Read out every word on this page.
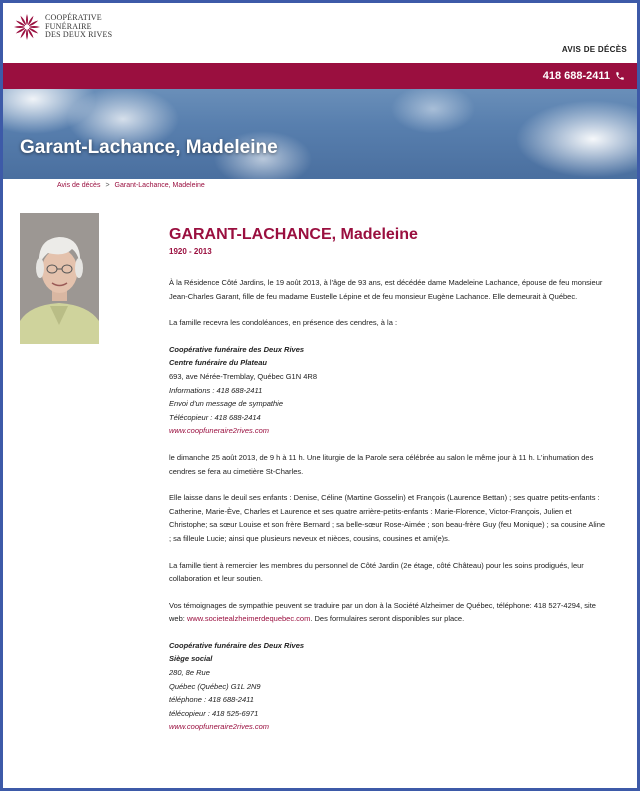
COOPÉRATIVE
FUNÉRAIRE
DES DEUX RIVES
AVIS DE DÉCÈS
418 688-2411
Garant-Lachance, Madeleine
Avis de décès > Garant-Lachance, Madeleine
GARANT-LACHANCE, Madeleine
1920 - 2013

À la Résidence Côté Jardins, le 19 août 2013, à l'âge de 93 ans, est décédée dame Madeleine Lachance, épouse de feu monsieur Jean-Charles Garant, fille de feu madame Eustelle Lépine et de feu monsieur Eugène Lachance. Elle demeurait à Québec.

La famille recevra les condoléances, en présence des cendres, à la :

Coopérative funéraire des Deux Rives
Centre funéraire du Plateau
693, ave Nérée-Tremblay, Québec G1N 4R8
Informations : 418 688-2411
Envoi d'un message de sympathie
Télécopieur : 418 688-2414
www.coopfuneraire2rives.com

le dimanche 25 août 2013, de 9 h à 11 h. Une liturgie de la Parole sera célébrée au salon le même jour à 11 h. L'inhumation des cendres se fera au cimetière St-Charles.

Elle laisse dans le deuil ses enfants : Denise, Céline (Martine Gosselin) et François (Laurence Bettan) ; ses quatre petits-enfants : Catherine, Marie-Ève, Charles et Laurence et ses quatre arrière-petits-enfants : Marie-Florence, Victor-François, Julien et Christophe; sa sœur Louise et son frère Bernard ; sa belle-sœur Rose-Aimée ; son beau-frère Guy (feu Monique) ; sa cousine Aline ; sa filleule Lucie; ainsi que plusieurs neveux et nièces, cousins, cousines et ami(e)s.

La famille tient à remercier les membres du personnel de Côté Jardin (2e étage, côté Château) pour les soins prodigués, leur collaboration et leur soutien.

Vos témoignages de sympathie peuvent se traduire par un don à la Société Alzheimer de Québec, téléphone: 418 527-4294, site web: www.societealzheimerdequebec.com. Des formulaires seront disponibles sur place.

Coopérative funéraire des Deux Rives
Siège social
280, 8e Rue
Québec (Québec) G1L 2N9
téléphone : 418 688-2411
télécopieur : 418 525-6971
www.coopfuneraire2rives.com
